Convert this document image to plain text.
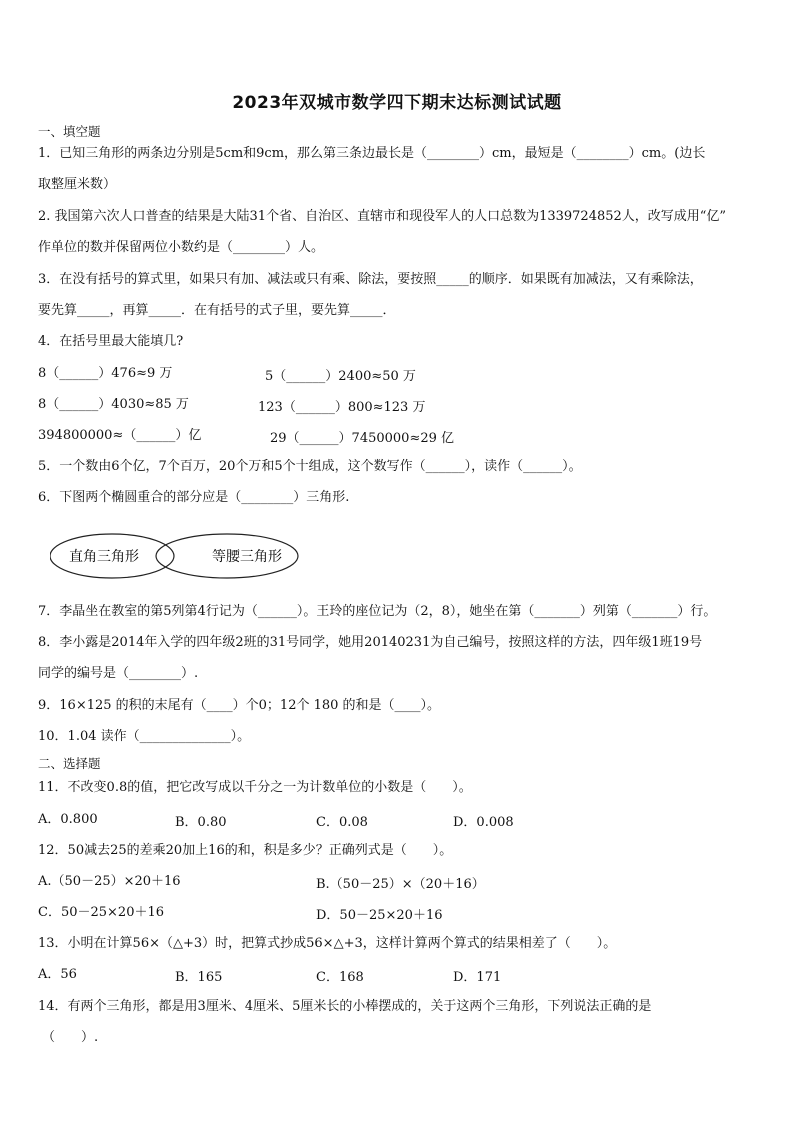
2023年双城市数学四下期末达标测试试题
一、填空题
1．已知三角形的两条边分别是5cm和9cm，那么第三条边最长是（________）cm，最短是（________）cm。(边长
取整厘米数）
2. 我国第六次人口普查的结果是大陆31个省、自治区、直辖市和现役军人的人口总数为1339724852人，改写成用“亿”
作单位的数并保留两位小数约是（________）人。
3．在没有括号的算式里，如果只有加、减法或只有乘、除法，要按照_____的顺序．如果既有加减法，又有乘除法，
要先算_____，再算_____．在有括号的式子里，要先算_____．
4．在括号里最大能填几?
8（______）476≈9 万	5（______）2400≈50 万
8（______）4030≈85 万	123（______）800≈123 万
394800000≈（______）亿	29（______）7450000≈29 亿
5．一个数由6个亿，7个百万，20个万和5个十组成，这个数写作（______），读作（______）。
6．下图两个椭圆重合的部分应是（________）三角形.
直角三角形	等腰三角形
7．李晶坐在教室的第5列第4行记为（______）。王玲的座位记为（2，8），她坐在第（_______）列第（_______）行。
8．李小露是2014年入学的四年级2班的31号同学，她用20140231为自己编号，按照这样的方法，四年级1班19号
同学的编号是（________）.
9．16×125 的积的末尾有（____）个0；12个 180 的和是（____）。
10．1.04 读作（______________）。
二、选择题
11．不改变0.8的值，把它改写成以千分之一为计数单位的小数是（　　）。
A．0.800	B．0.80	C．0.08	D．0.008
12．50减去25的差乘20加上16的和，积是多少？正确列式是（　　）。
A.（50－25）×20＋16	B.（50－25）×（20＋16）
C．50－25×20＋16	D．50－25×20＋16
13．小明在计算56×（△+3）时，把算式抄成56×△+3，这样计算两个算式的结果相差了（　　）。
A．56	B．165	C．168	D．171
14．有两个三角形，都是用3厘米、4厘米、5厘米长的小棒摆成的，关于这两个三角形，下列说法正确的是
（　　）.
